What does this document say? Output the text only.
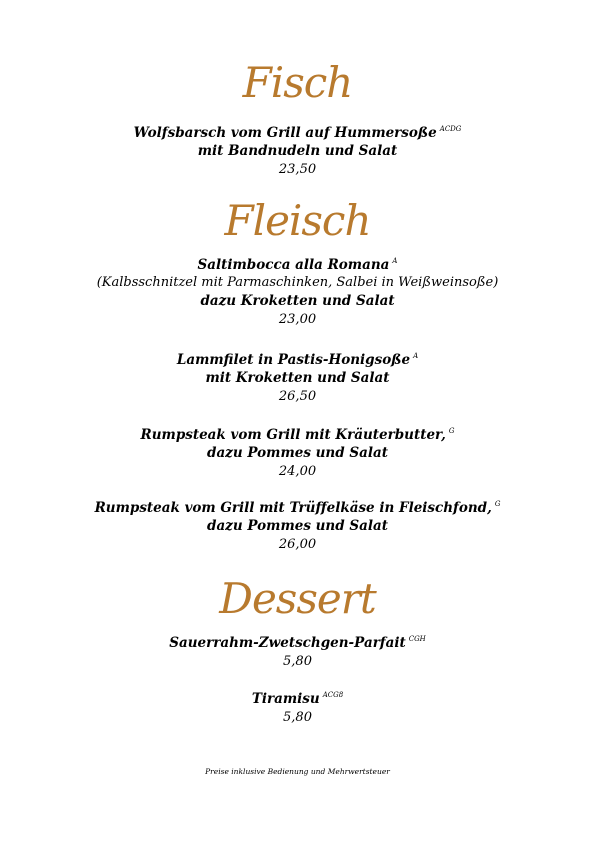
Fisch
Wolfsbarsch vom Grill auf Hummersoße $^{ACDG}$
mit Bandnudeln und Salat
23,50
Fleisch
Saltimbocca alla Romana $^A$
(Kalbsschnitzel mit Parmaschinken, Salbei in Weißweinsoße)
dazu Kroketten und Salat
23,00
Lammfilet in Pastis-Honigsoße $^A$
mit Kroketten und Salat
26,50
Rumpsteak vom Grill mit Kräuterbutter, $^G$
dazu Pommes und Salat
24,00
Rumpsteak vom Grill mit Trüffelkäse in Fleischfond, $^G$
dazu Pommes und Salat
26,00
Dessert
Sauerrahm-Zwetschgen-Parfait $^{CGH}$
5,80
Tiramisu $^{ACG8}$
5,80
Preise inklusive Bedienung und Mehrwertsteuer
